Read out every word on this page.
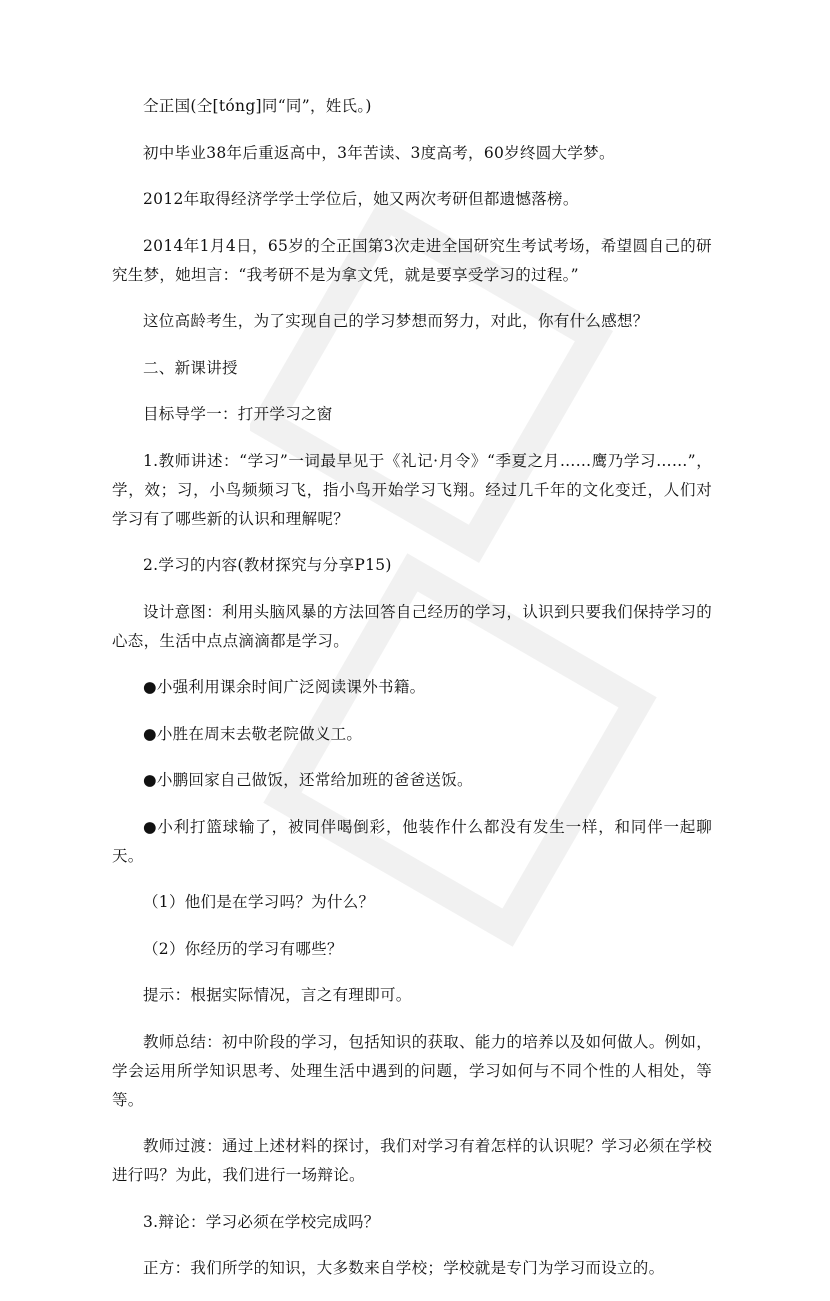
仝正国(仝[tóng]同“同”，姓氏。)

初中毕业38年后重返高中，3年苦读、3度高考，60岁终圆大学梦。

2012年取得经济学学士学位后，她又两次考研但都遗憾落榜。

2014年1月4日，65岁的仝正国第3次走进全国研究生考试考场，希望圆自己的研究生梦，她坦言：“我考研不是为拿文凭，就是要享受学习的过程。”

这位高龄考生，为了实现自己的学习梦想而努力，对此，你有什么感想？

二、新课讲授

目标导学一：打开学习之窗

1.教师讲述：“学习”一词最早见于《礼记·月令》“季夏之月……鹰乃学习……”，学，效；习，小鸟频频习飞，指小鸟开始学习飞翔。经过几千年的文化变迁，人们对学习有了哪些新的认识和理解呢？

2.学习的内容(教材探究与分享P15)

设计意图：利用头脑风暴的方法回答自己经历的学习，认识到只要我们保持学习的心态，生活中点点滴滴都是学习。

●小强利用课余时间广泛阅读课外书籍。

●小胜在周末去敬老院做义工。

●小鹏回家自己做饭，还常给加班的爸爸送饭。

●小利打篮球输了，被同伴喝倒彩，他装作什么都没有发生一样，和同伴一起聊天。

（1）他们是在学习吗？为什么？

（2）你经历的学习有哪些？

提示：根据实际情况，言之有理即可。

教师总结：初中阶段的学习，包括知识的获取、能力的培养以及如何做人。例如，学会运用所学知识思考、处理生活中遇到的问题，学习如何与不同个性的人相处，等等。

教师过渡：通过上述材料的探讨，我们对学习有着怎样的认识呢？学习必须在学校进行吗？为此，我们进行一场辩论。

3.辩论：学习必须在学校完成吗？

正方：我们所学的知识，大多数来自学校；学校就是专门为学习而设立的。
